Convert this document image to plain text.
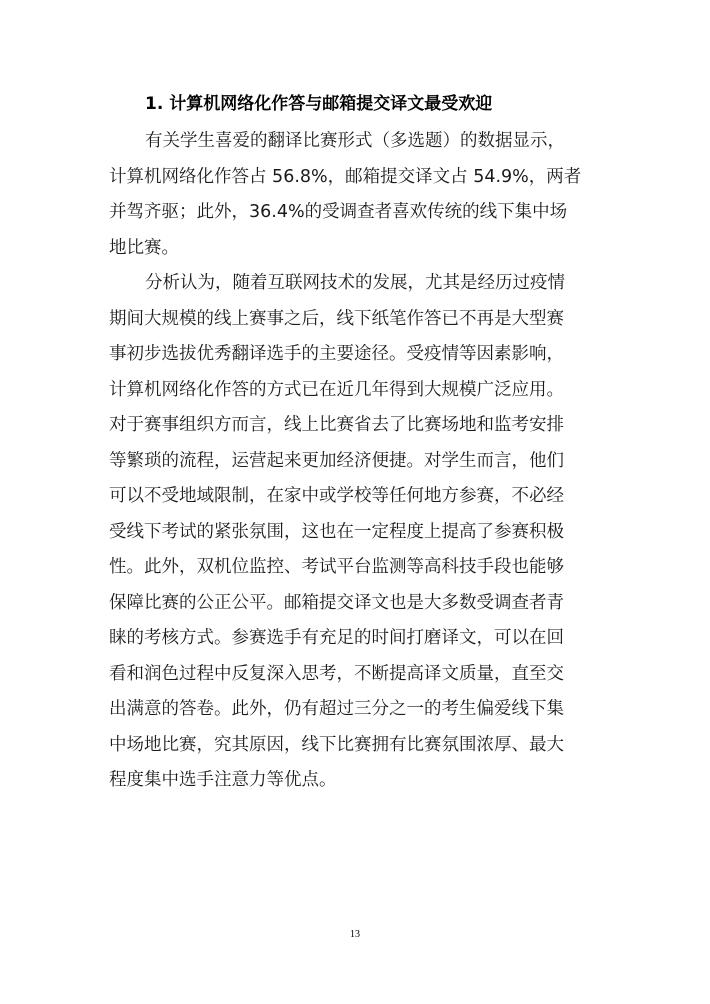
1. 计算机网络化作答与邮箱提交译文最受欢迎

有关学生喜爱的翻译比赛形式（多选题）的数据显示，
计算机网络化作答占 56.8%，邮箱提交译文占 54.9%，两者
并驾齐驱；此外，36.4%的受调查者喜欢传统的线下集中场
地比赛。

分析认为，随着互联网技术的发展，尤其是经历过疫情
期间大规模的线上赛事之后，线下纸笔作答已不再是大型赛
事初步选拔优秀翻译选手的主要途径。受疫情等因素影响，
计算机网络化作答的方式已在近几年得到大规模广泛应用。
对于赛事组织方而言，线上比赛省去了比赛场地和监考安排
等繁琐的流程，运营起来更加经济便捷。对学生而言，他们
可以不受地域限制，在家中或学校等任何地方参赛，不必经
受线下考试的紧张氛围，这也在一定程度上提高了参赛积极
性。此外，双机位监控、考试平台监测等高科技手段也能够
保障比赛的公正公平。邮箱提交译文也是大多数受调查者青
睐的考核方式。参赛选手有充足的时间打磨译文，可以在回
看和润色过程中反复深入思考，不断提高译文质量，直至交
出满意的答卷。此外，仍有超过三分之一的考生偏爱线下集
中场地比赛，究其原因，线下比赛拥有比赛氛围浓厚、最大
程度集中选手注意力等优点。

13
